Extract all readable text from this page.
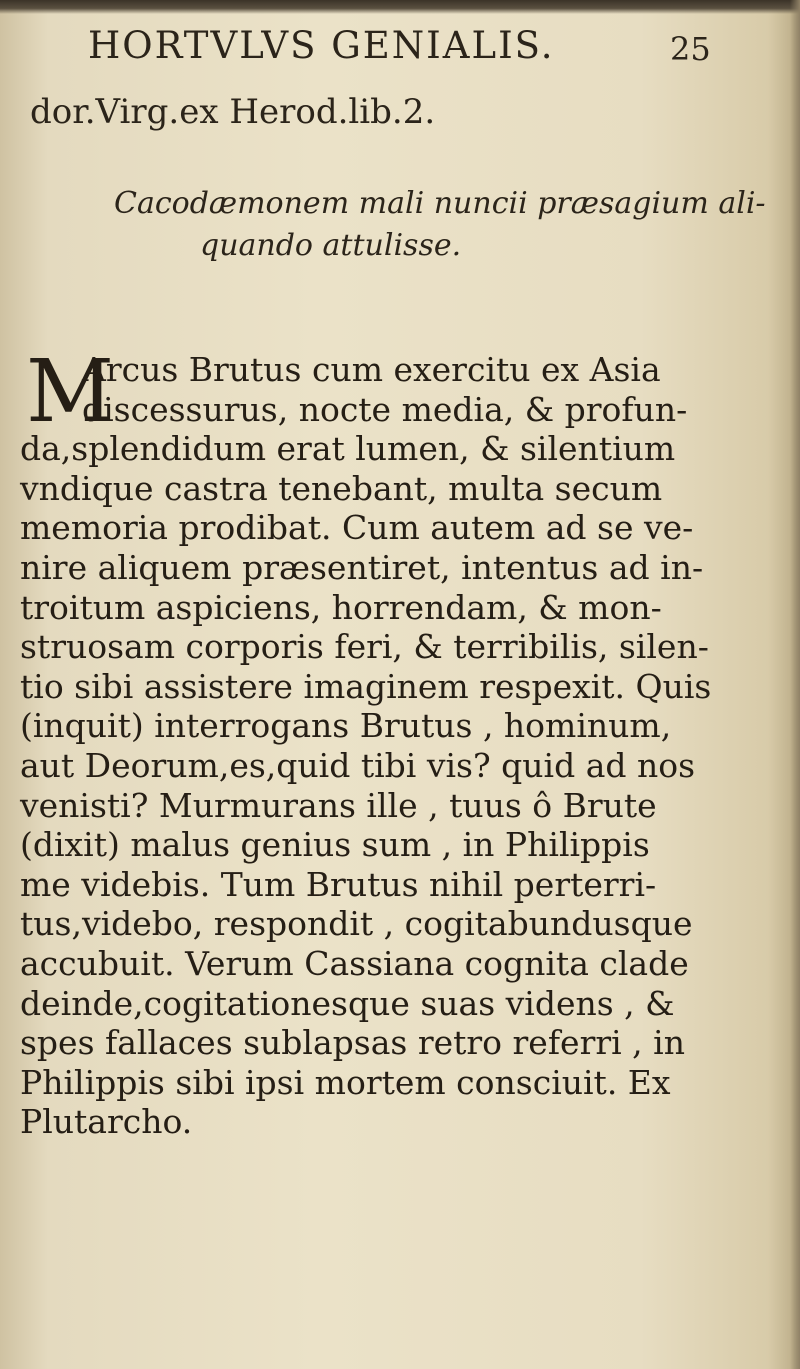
HORTVLVS GENIALIS.	25
dor.Virg.ex Herod.lib.2.
Cacodæmonem mali nuncii præsagium ali-
quando attulisse.
M
Arcus Brutus cum exercitu ex Asia
discessurus, nocte media, & profun-
da,splendidum erat lumen, & silentium
vndique castra tenebant, multa secum
memoria prodibat. Cum autem ad se ve-
nire aliquem præsentiret, intentus ad in-
troitum aspiciens, horrendam, & mon-
struosam corporis feri, & terribilis, silen-
tio sibi assistere imaginem respexit. Quis
(inquit) interrogans Brutus , hominum,
aut Deorum,es,quid tibi vis? quid ad nos
venisti? Murmurans ille , tuus ô Brute
(dixit) malus genius sum , in Philippis
me videbis. Tum Brutus nihil perterri-
tus,videbo, respondit , cogitabundusque
accubuit. Verum Cassiana cognita clade
deinde,cogitationesque suas videns , &
spes fallaces sublapsas retro referri , in
Philippis sibi ipsi mortem consciuit. Ex
Plutarcho.
